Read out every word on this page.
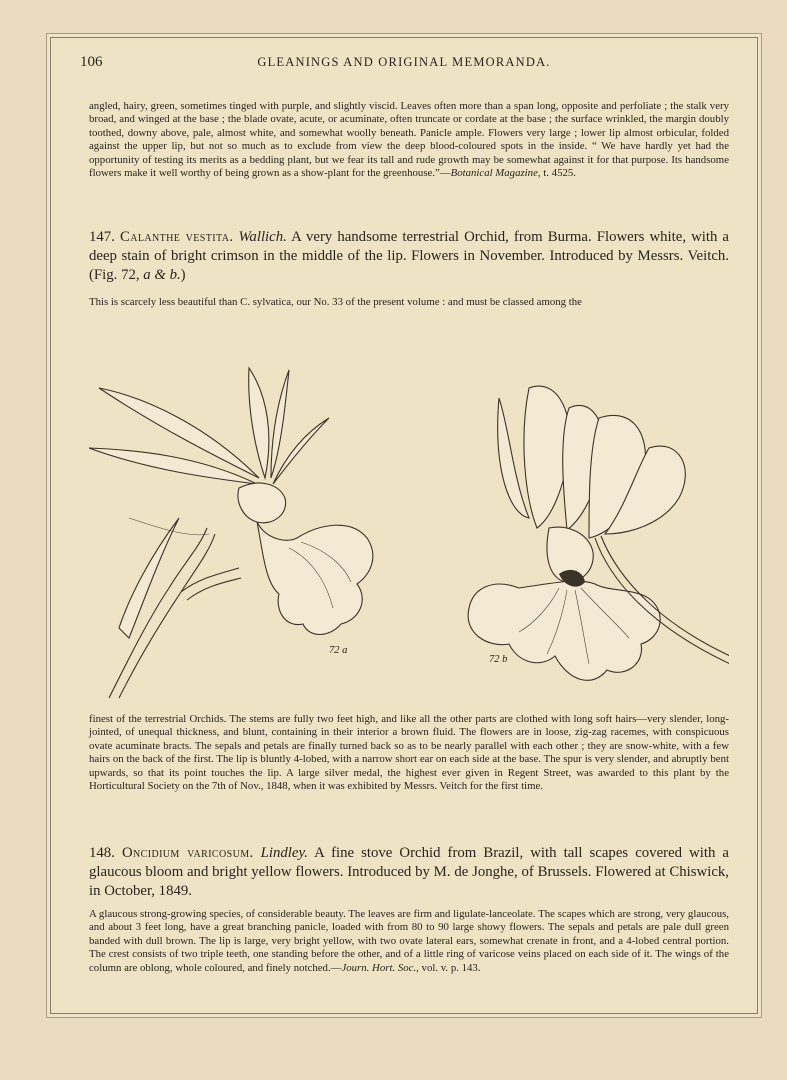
106	GLEANINGS AND ORIGINAL MEMORANDA.
angled, hairy, green, sometimes tinged with purple, and slightly viscid. Leaves often more than a span long, opposite and perfoliate ; the stalk very broad, and winged at the base ; the blade ovate, acute, or acuminate, often truncate or cordate at the base ; the surface wrinkled, the margin doubly toothed, downy above, pale, almost white, and somewhat woolly beneath. Panicle ample. Flowers very large ; lower lip almost orbicular, folded against the upper lip, but not so much as to exclude from view the deep blood-coloured spots in the inside. “ We have hardly yet had the opportunity of testing its merits as a bedding plant, but we fear its tall and rude growth may be somewhat against it for that purpose. Its handsome flowers make it well worthy of being grown as a show-plant for the greenhouse.”—Botanical Magazine, t. 4525.
147. Calanthe vestita. Wallich. A very handsome terrestrial Orchid, from Burma. Flowers white, with a deep stain of bright crimson in the middle of the lip. Flowers in November. Introduced by Messrs. Veitch. (Fig. 72, a & b.)
This is scarcely less beautiful than C. sylvatica, our No. 33 of the present volume : and must be classed among the
72 a
72 b
finest of the terrestrial Orchids. The stems are fully two feet high, and like all the other parts are clothed with long soft hairs—very slender, long-jointed, of unequal thickness, and blunt, containing in their interior a brown fluid. The flowers are in loose, zig-zag racemes, with conspicuous ovate acuminate bracts. The sepals and petals are finally turned back so as to be nearly parallel with each other ; they are snow-white, with a few hairs on the back of the first. The lip is bluntly 4-lobed, with a narrow short ear on each side at the base. The spur is very slender, and abruptly bent upwards, so that its point touches the lip. A large silver medal, the highest ever given in Regent Street, was awarded to this plant by the Horticultural Society on the 7th of Nov., 1848, when it was exhibited by Messrs. Veitch for the first time.
148. Oncidium varicosum. Lindley. A fine stove Orchid from Brazil, with tall scapes covered with a glaucous bloom and bright yellow flowers. Introduced by M. de Jonghe, of Brussels. Flowered at Chiswick, in October, 1849.
A glaucous strong-growing species, of considerable beauty. The leaves are firm and ligulate-lanceolate. The scapes which are strong, very glaucous, and about 3 feet long, have a great branching panicle, loaded with from 80 to 90 large showy flowers. The sepals and petals are pale dull green banded with dull brown. The lip is large, very bright yellow, with two ovate lateral ears, somewhat crenate in front, and a 4-lobed central portion. The crest consists of two triple teeth, one standing before the other, and of a little ring of varicose veins placed on each side of it. The wings of the column are oblong, whole coloured, and finely notched.—Journ. Hort. Soc., vol. v. p. 143.
